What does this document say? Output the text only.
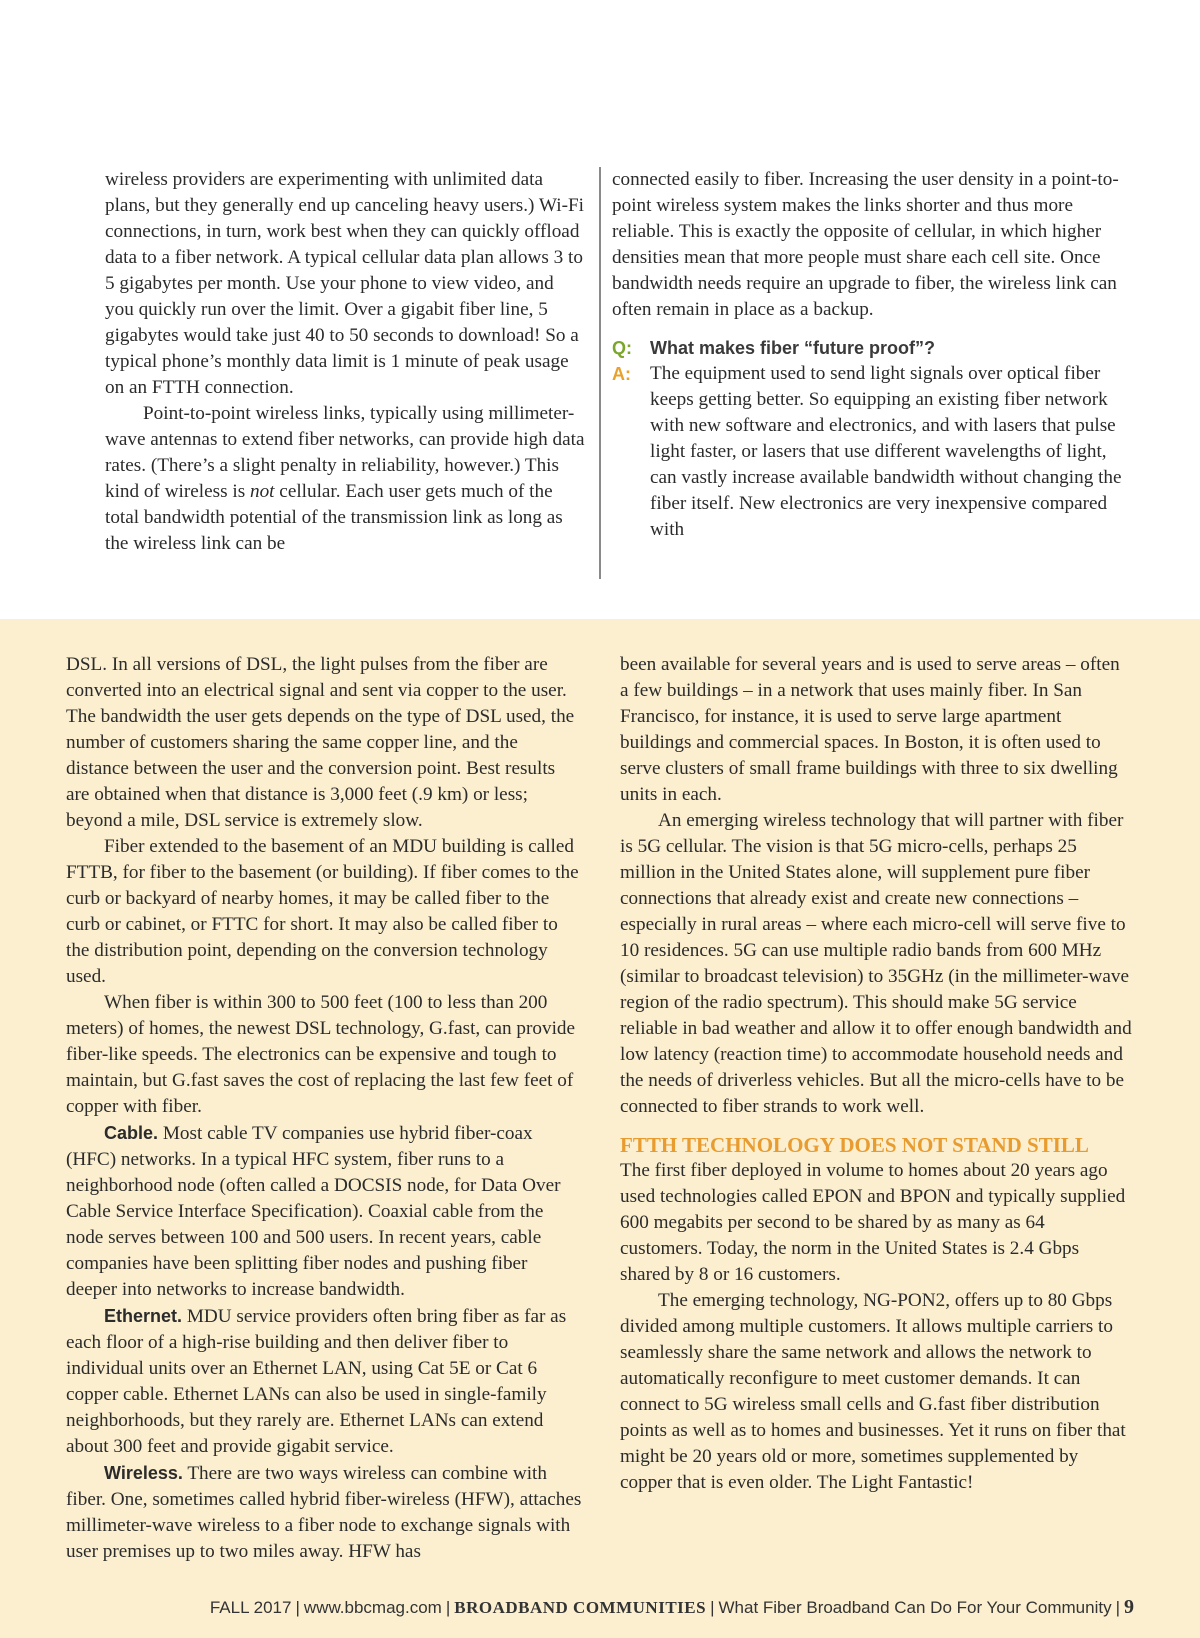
wireless providers are experimenting with unlimited data plans, but they generally end up canceling heavy users.) Wi-Fi connections, in turn, work best when they can quickly offload data to a fiber network. A typical cellular data plan allows 3 to 5 gigabytes per month. Use your phone to view video, and you quickly run over the limit. Over a gigabit fiber line, 5 gigabytes would take just 40 to 50 seconds to download! So a typical phone’s monthly data limit is 1 minute of peak usage on an FTTH connection.

Point-to-point wireless links, typically using millimeter-wave antennas to extend fiber networks, can provide high data rates. (There’s a slight penalty in reliability, however.) This kind of wireless is not cellular. Each user gets much of the total bandwidth potential of the transmission link as long as the wireless link can be

connected easily to fiber. Increasing the user density in a point-to-point wireless system makes the links shorter and thus more reliable. This is exactly the opposite of cellular, in which higher densities mean that more people must share each cell site. Once bandwidth needs require an upgrade to fiber, the wireless link can often remain in place as a backup.

Q:	What makes fiber “future proof”?
A: The equipment used to send light signals over optical fiber keeps getting better. So equipping an existing fiber network with new software and electronics, and with lasers that pulse light faster, or lasers that use different wavelengths of light, can vastly increase available bandwidth without changing the fiber itself. New electronics are very inexpensive compared with

DSL. In all versions of DSL, the light pulses from the fiber are converted into an electrical signal and sent via copper to the user. The bandwidth the user gets depends on the type of DSL used, the number of customers sharing the same copper line, and the distance between the user and the conversion point. Best results are obtained when that distance is 3,000 feet (.9 km) or less; beyond a mile, DSL service is extremely slow.

Fiber extended to the basement of an MDU building is called FTTB, for fiber to the basement (or building). If fiber comes to the curb or backyard of nearby homes, it may be called fiber to the curb or cabinet, or FTTC for short. It may also be called fiber to the distribution point, depending on the conversion technology used.

When fiber is within 300 to 500 feet (100 to less than 200 meters) of homes, the newest DSL technology, G.fast, can provide fiber-like speeds. The electronics can be expensive and tough to maintain, but G.fast saves the cost of replacing the last few feet of copper with fiber.

Cable. Most cable TV companies use hybrid fiber-coax (HFC) networks. In a typical HFC system, fiber runs to a neighborhood node (often called a DOCSIS node, for Data Over Cable Service Interface Specification). Coaxial cable from the node serves between 100 and 500 users. In recent years, cable companies have been splitting fiber nodes and pushing fiber deeper into networks to increase bandwidth.

Ethernet. MDU service providers often bring fiber as far as each floor of a high-rise building and then deliver fiber to individual units over an Ethernet LAN, using Cat 5E or Cat 6 copper cable. Ethernet LANs can also be used in single-family neighborhoods, but they rarely are. Ethernet LANs can extend about 300 feet and provide gigabit service.

Wireless. There are two ways wireless can combine with fiber. One, sometimes called hybrid fiber-wireless (HFW), attaches millimeter-wave wireless to a fiber node to exchange signals with user premises up to two miles away. HFW has

been available for several years and is used to serve areas – often a few buildings – in a network that uses mainly fiber. In San Francisco, for instance, it is used to serve large apartment buildings and commercial spaces. In Boston, it is often used to serve clusters of small frame buildings with three to six dwelling units in each.

An emerging wireless technology that will partner with fiber is 5G cellular. The vision is that 5G micro-cells, perhaps 25 million in the United States alone, will supplement pure fiber connections that already exist and create new connections – especially in rural areas – where each micro-cell will serve five to 10 residences. 5G can use multiple radio bands from 600 MHz (similar to broadcast television) to 35GHz (in the millimeter-wave region of the radio spectrum). This should make 5G service reliable in bad weather and allow it to offer enough bandwidth and low latency (reaction time) to accommodate household needs and the needs of driverless vehicles. But all the micro-cells have to be connected to fiber strands to work well.

FTTH TECHNOLOGY DOES NOT STAND STILL

The first fiber deployed in volume to homes about 20 years ago used technologies called EPON and BPON and typically supplied 600 megabits per second to be shared by as many as 64 customers. Today, the norm in the United States is 2.4 Gbps shared by 8 or 16 customers.

The emerging technology, NG-PON2, offers up to 80 Gbps divided among multiple customers. It allows multiple carriers to seamlessly share the same network and allows the network to automatically reconfigure to meet customer demands. It can connect to 5G wireless small cells and G.fast fiber distribution points as well as to homes and businesses. Yet it runs on fiber that might be 20 years old or more, sometimes supplemented by copper that is even older. The Light Fantastic!

FALL 2017 | www.bbcmag.com | BROADBAND COMMUNITIES | What Fiber Broadband Can Do For Your Community | 9
